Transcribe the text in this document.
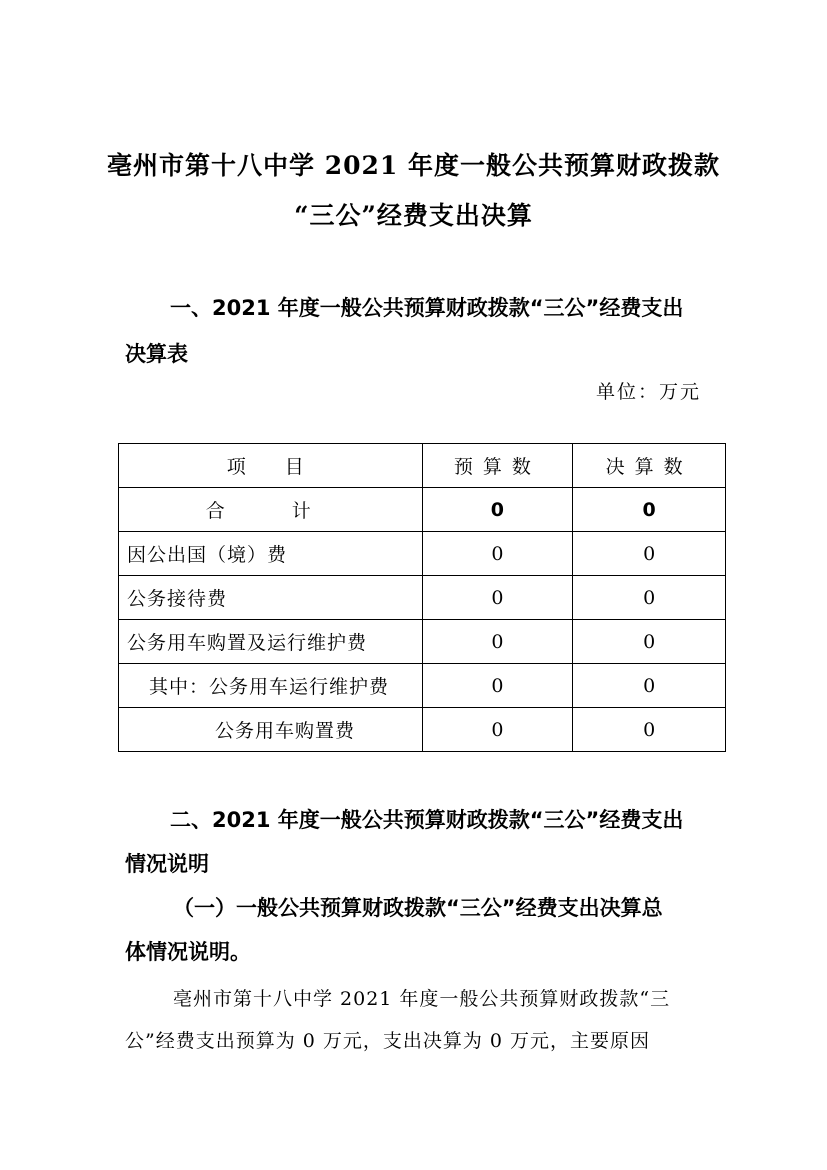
亳州市第十八中学 2021 年度一般公共预算财政拨款
“三公”经费支出决算
一、2021 年度一般公共预算财政拨款“三公”经费支出
决算表
单位：万元
项　目	预算数	决算数
合　计	0	0
因公出国（境）费	0	0
公务接待费	0	0
公务用车购置及运行维护费	0	0
其中：公务用车运行维护费	0	0
公务用车购置费	0	0
二、2021 年度一般公共预算财政拨款“三公”经费支出
情况说明
（一）一般公共预算财政拨款“三公”经费支出决算总
体情况说明。
亳州市第十八中学 2021 年度一般公共预算财政拨款“三
公”经费支出预算为 0 万元，支出决算为 0 万元，主要原因
